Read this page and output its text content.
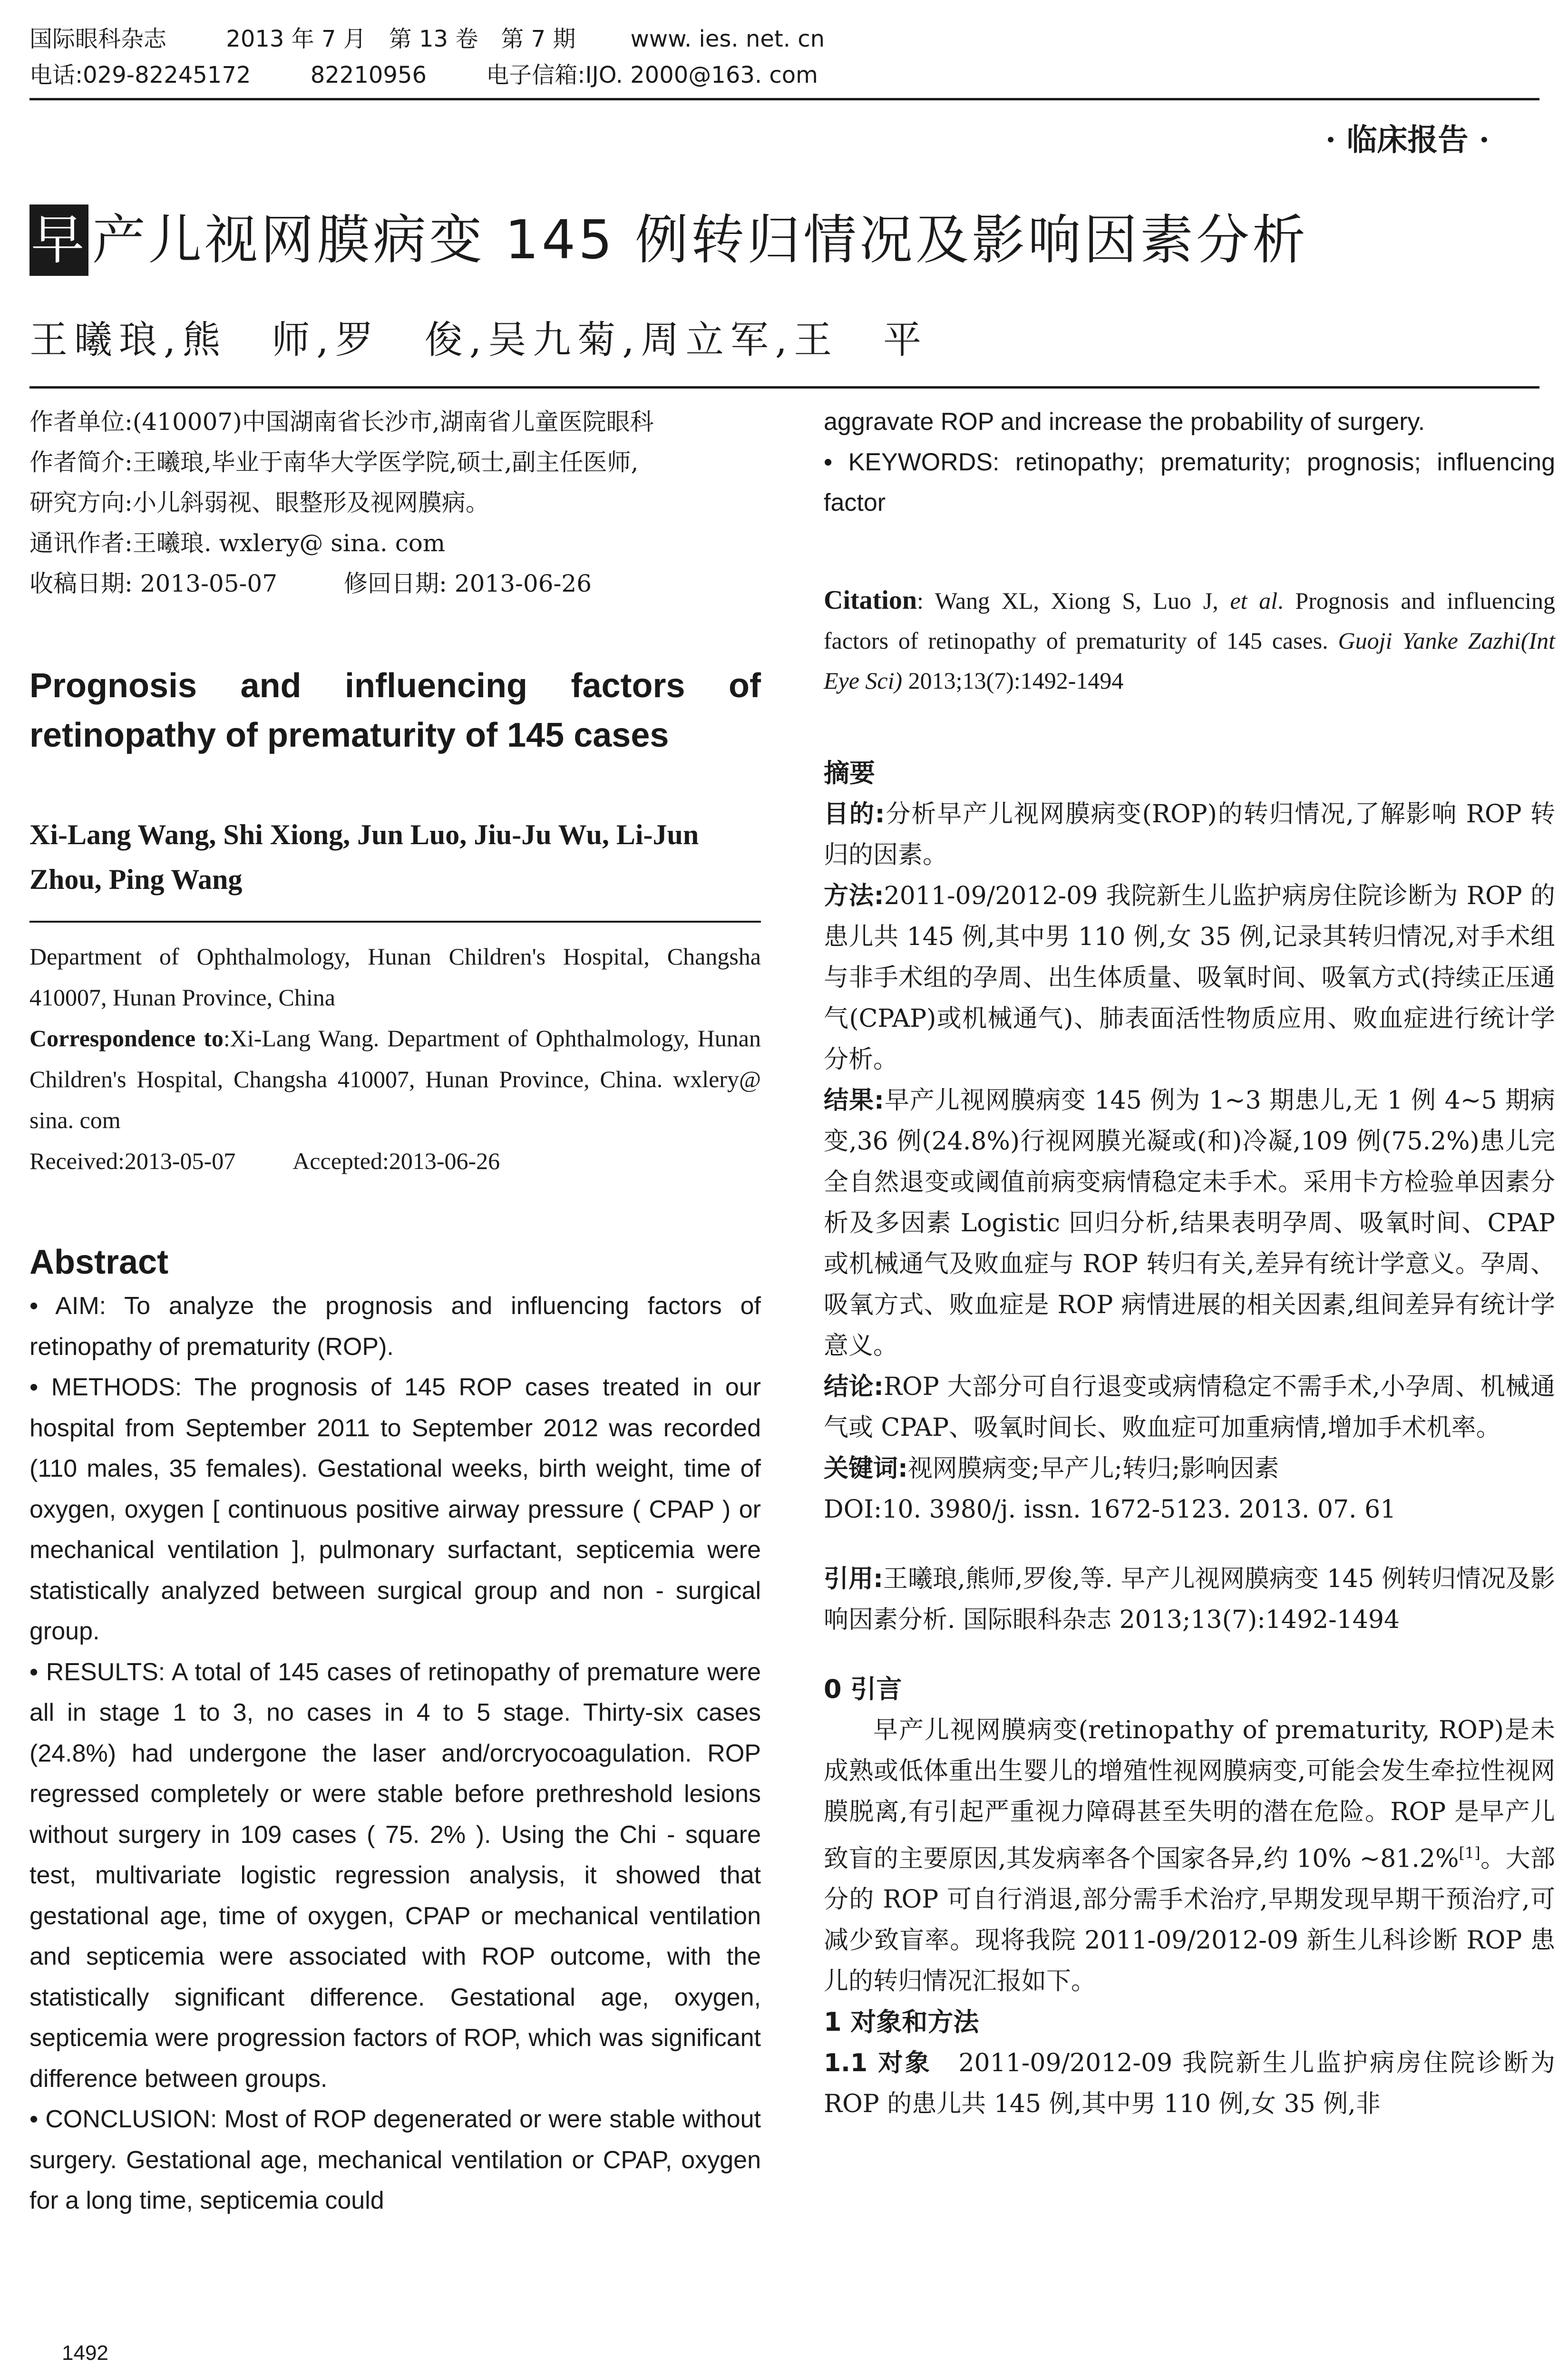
国际眼科杂志	2013 年 7 月　第 13 卷　第 7 期 www. ies. net. cn
电话:029-82245172	82210956	电子信箱:IJO. 2000@163. com
· 临床报告 ·
早产儿视网膜病变 145 例转归情况及影响因素分析
王曦琅,熊　师,罗　俊,吴九菊,周立军,王　平

作者单位:(410007)中国湖南省长沙市,湖南省儿童医院眼科

作者简介:王曦琅,毕业于南华大学医学院,硕士,副主任医师,

研究方向:小儿斜弱视、眼整形及视网膜病。

通讯作者:王曦琅. wxlery@ sina. com

收稿日期: 2013-05-07	修回日期: 2013-06-26

Prognosis and influencing factors of retinopathy of prematurity of 145 cases

Xi-Lang Wang, Shi Xiong, Jun Luo, Jiu-Ju Wu, Li-Jun Zhou, Ping Wang

Department of Ophthalmology, Hunan Children's Hospital, Changsha 410007, Hunan Province, China

Correspondence to:Xi-Lang Wang. Department of Ophthalmology, Hunan Children's Hospital, Changsha 410007, Hunan Province, China. wxlery@ sina. com

Received:2013-05-07 Accepted:2013-06-26

Abstract

• AIM: To analyze the prognosis and influencing factors of retinopathy of prematurity (ROP).

• METHODS: The prognosis of 145 ROP cases treated in our hospital from September 2011 to September 2012 was recorded (110 males, 35 females). Gestational weeks, birth weight, time of oxygen, oxygen [ continuous positive airway pressure ( CPAP ) or mechanical ventilation ], pulmonary surfactant, septicemia were statistically analyzed between surgical group and non - surgical group.

• RESULTS: A total of 145 cases of retinopathy of premature were all in stage 1 to 3, no cases in 4 to 5 stage. Thirty-six cases (24.8%) had undergone the laser and/orcryocoagulation. ROP regressed completely or were stable before prethreshold lesions without surgery in 109 cases ( 75. 2% ). Using the Chi - square test, multivariate logistic regression analysis, it showed that gestational age, time of oxygen, CPAP or mechanical ventilation and septicemia were associated with ROP outcome, with the statistically significant difference. Gestational age, oxygen, septicemia were progression factors of ROP, which was significant difference between groups.

• CONCLUSION: Most of ROP degenerated or were stable without surgery. Gestational age, mechanical ventilation or CPAP, oxygen for a long time, septicemia could

aggravate ROP and increase the probability of surgery.

• KEYWORDS: retinopathy; prematurity; prognosis; influencing factor

Citation: Wang XL, Xiong S, Luo J, et al. Prognosis and influencing factors of retinopathy of prematurity of 145 cases. Guoji Yanke Zazhi(Int Eye Sci) 2013;13(7):1492-1494

摘要

目的:分析早产儿视网膜病变(ROP)的转归情况,了解影响 ROP 转归的因素。

方法:2011-09/2012-09 我院新生儿监护病房住院诊断为 ROP 的患儿共 145 例,其中男 110 例,女 35 例,记录其转归情况,对手术组与非手术组的孕周、出生体质量、吸氧时间、吸氧方式(持续正压通气(CPAP)或机械通气)、肺表面活性物质应用、败血症进行统计学分析。

结果:早产儿视网膜病变 145 例为 1~3 期患儿,无 1 例 4~5 期病变,36 例(24.8%)行视网膜光凝或(和)冷凝,109 例(75.2%)患儿完全自然退变或阈值前病变病情稳定未手术。采用卡方检验单因素分析及多因素 Logistic 回归分析,结果表明孕周、吸氧时间、CPAP 或机械通气及败血症与 ROP 转归有关,差异有统计学意义。孕周、吸氧方式、败血症是 ROP 病情进展的相关因素,组间差异有统计学意义。

结论:ROP 大部分可自行退变或病情稳定不需手术,小孕周、机械通气或 CPAP、吸氧时间长、败血症可加重病情,增加手术机率。

关键词:视网膜病变;早产儿;转归;影响因素

DOI:10. 3980/j. issn. 1672-5123. 2013. 07. 61

引用:王曦琅,熊师,罗俊,等. 早产儿视网膜病变 145 例转归情况及影响因素分析. 国际眼科杂志 2013;13(7):1492-1494

0 引言

早产儿视网膜病变(retinopathy of prematurity, ROP)是未成熟或低体重出生婴儿的增殖性视网膜病变,可能会发生牵拉性视网膜脱离,有引起严重视力障碍甚至失明的潜在危险。ROP 是早产儿致盲的主要原因,其发病率各个国家各异,约 10% ~81.2%[1]。大部分的 ROP 可自行消退,部分需手术治疗,早期发现早期干预治疗,可减少致盲率。现将我院 2011-09/2012-09 新生儿科诊断 ROP 患儿的转归情况汇报如下。

1 对象和方法

1.1 对象　2011-09/2012-09 我院新生儿监护病房住院诊断为 ROP 的患儿共 145 例,其中男 110 例,女 35 例,非

1492
